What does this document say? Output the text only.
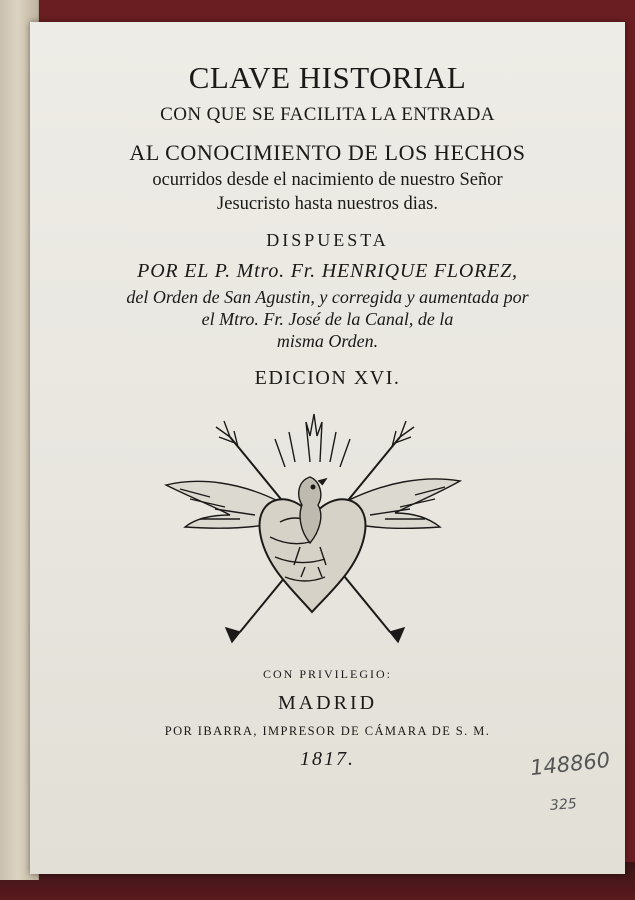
CLAVE HISTORIAL
CON QUE SE FACILITA LA ENTRADA
AL CONOCIMIENTO DE LOS HECHOS
ocurridos desde el nacimiento de nuestro Señor
Jesucristo hasta nuestros dias.
DISPUESTA
POR EL P. Mtro. Fr. HENRIQUE FLOREZ,
del Orden de San Agustin, y corregida y aumentada por
el Mtro. Fr. José de la Canal, de la
misma Orden.
EDICION XVI.
CON PRIVILEGIO:
MADRID
POR IBARRA, IMPRESOR DE CÁMARA DE S. M.
1817.	148860
325
